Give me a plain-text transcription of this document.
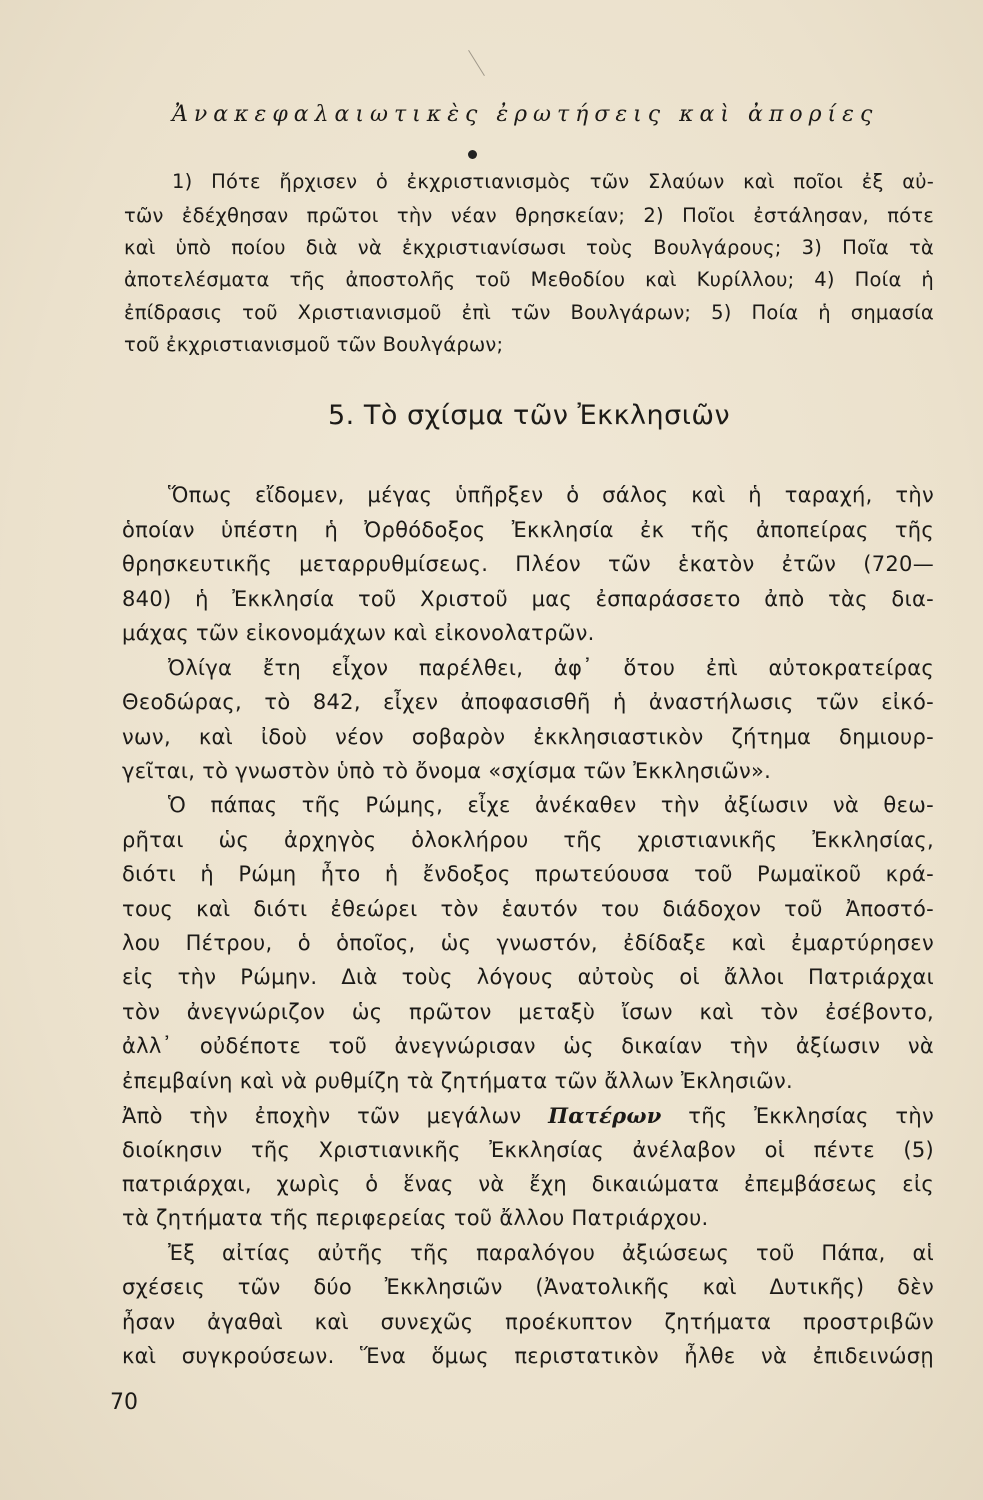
Ἀνακεφαλαιωτικὲς ἐρωτήσεις καὶ ἀπορίες
1) Πότε ἤρχισεν ὁ ἐκχριστιανισμὸς τῶν Σλαύων καὶ ποῖοι ἐξ αὐ-
τῶν ἐδέχθησαν πρῶτοι τὴν νέαν θρησκείαν; 2) Ποῖοι ἐστάλησαν, πότε
καὶ ὑπὸ ποίου διὰ νὰ ἐκχριστιανίσωσι τοὺς Βουλγάρους; 3) Ποῖα τὰ
ἀποτελέσματα τῆς ἀποστολῆς τοῦ Μεθοδίου καὶ Κυρίλλου; 4) Ποία ἡ
ἐπίδρασις τοῦ Χριστιανισμοῦ ἐπὶ τῶν Βουλγάρων; 5) Ποία ἡ σημασία
τοῦ ἐκχριστιανισμοῦ τῶν Βουλγάρων;
5. Τὸ σχίσμα τῶν Ἐκκλησιῶν
Ὅπως εἴδομεν, μέγας ὑπῆρξεν ὁ σάλος καὶ ἡ ταραχή, τὴν
ὁποίαν ὑπέστη ἡ Ὀρθόδοξος Ἐκκλησία ἐκ τῆς ἀποπείρας τῆς
θρησκευτικῆς μεταρρυθμίσεως. Πλέον τῶν ἑκατὸν ἐτῶν (720—
840) ἡ Ἐκκλησία τοῦ Χριστοῦ μας ἐσπαράσσετο ἀπὸ τὰς δια-
μάχας τῶν εἰκονομάχων καὶ εἰκονολατρῶν.
Ὀλίγα ἔτη εἶχον παρέλθει, ἀφ᾽ ὅτου ἐπὶ αὐτοκρατείρας
Θεοδώρας, τὸ 842, εἶχεν ἀποφασισθῆ ἡ ἀναστήλωσις τῶν εἰκό-
νων, καὶ ἰδοὺ νέον σοβαρὸν ἐκκλησιαστικὸν ζήτημα δημιουρ-
γεῖται, τὸ γνωστὸν ὑπὸ τὸ ὄνομα «σχίσμα τῶν Ἐκκλησιῶν».
Ὁ πάπας τῆς Ρώμης, εἶχε ἀνέκαθεν τὴν ἀξίωσιν νὰ θεω-
ρῆται ὡς ἀρχηγὸς ὁλοκλήρου τῆς χριστιανικῆς Ἐκκλησίας,
διότι ἡ Ρώμη ἦτο ἡ ἔνδοξος πρωτεύουσα τοῦ Ρωμαϊκοῦ κρά-
τους καὶ διότι ἐθεώρει τὸν ἑαυτόν του διάδοχον τοῦ Ἀποστό-
λου Πέτρου, ὁ ὁποῖος, ὡς γνωστόν, ἐδίδαξε καὶ ἐμαρτύρησεν
εἰς τὴν Ρώμην. Διὰ τοὺς λόγους αὐτοὺς οἱ ἄλλοι Πατριάρχαι
τὸν ἀνεγνώριζον ὡς πρῶτον μεταξὺ ἴσων καὶ τὸν ἐσέβοντο,
ἀλλ᾽ οὐδέποτε τοῦ ἀνεγνώρισαν ὡς δικαίαν τὴν ἀξίωσιν νὰ
ἐπεμβαίνη καὶ νὰ ρυθμίζη τὰ ζητήματα τῶν ἄλλων Ἐκλησιῶν.
Ἀπὸ τὴν ἐποχὴν τῶν μεγάλων Πατέρων τῆς Ἐκκλησίας τὴν
διοίκησιν τῆς Χριστιανικῆς Ἐκκλησίας ἀνέλαβον οἱ πέντε (5)
πατριάρχαι, χωρὶς ὁ ἕνας νὰ ἔχη δικαιώματα ἐπεμβάσεως εἰς
τὰ ζητήματα τῆς περιφερείας τοῦ ἄλλου Πατριάρχου.
Ἐξ αἰτίας αὐτῆς τῆς παραλόγου ἀξιώσεως τοῦ Πάπα, αἱ
σχέσεις τῶν δύο Ἐκκλησιῶν (Ἀνατολικῆς καὶ Δυτικῆς) δὲν
ἦσαν ἀγαθαὶ καὶ συνεχῶς προέκυπτον ζητήματα προστριβῶν
καὶ συγκρούσεων. Ἕνα ὅμως περιστατικὸν ἦλθε νὰ ἐπιδεινώσῃ
70
